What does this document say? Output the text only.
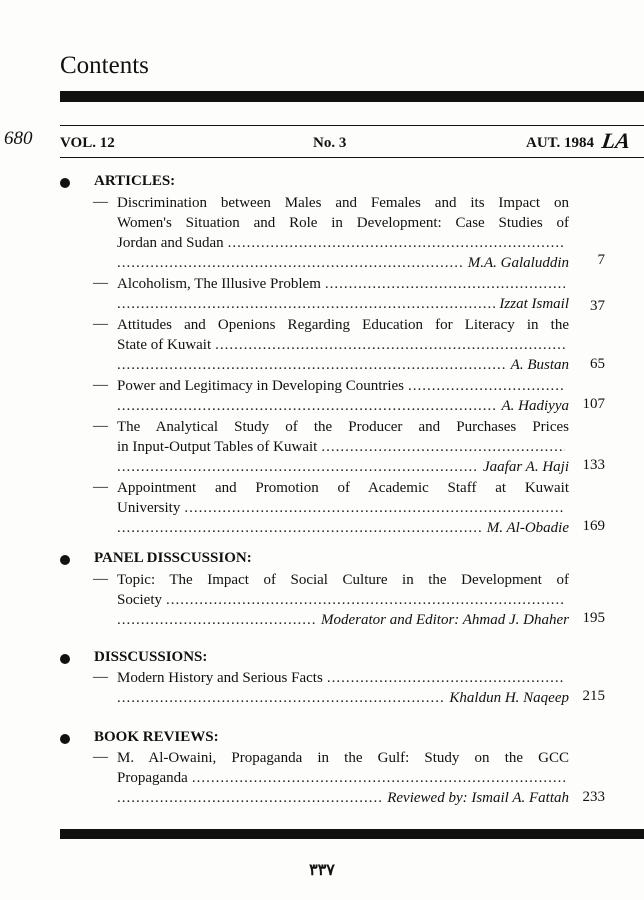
Contents
680 VOL. 12	No. 3	AUT. 1984 LA
ARTICLES:
— Discrimination between Males and Females and its Impact on
Women's Situation and Role in Development: Case Studies of
Jordan and Sudan
.....
.....
M.A. Galaluddin	7
— Alcoholism, The Illusive Problem
.....
.....
Izzat Ismail	37
— Attitudes and Openions Regarding Education for Literacy in the
State of Kuwait
.....
.....
A. Bustan	65
— Power and Legitimacy in Developing Countries
.....
.....
A. Hadiyya 107
— The Analytical Study of the Producer and Purchases Prices
in Input-Output Tables of Kuwait
.....
.....
Jaafar A. Haji 133
— Appointment and Promotion of Academic Staff at Kuwait
University
.....
.....
M. Al-Obadie 169
PANEL DISSCUSSION:
— Topic: The Impact of Social Culture in the Development of
Society
.....
.....
Moderator and Editor: Ahmad J. Dhaher 195
DISSCUSSIONS:
— Modern History and Serious Facts
.....
.....
Khaldun H. Naqeep 215
BOOK REVIEWS:
— M. Al-Owaini, Propaganda in the Gulf: Study on the GCC
Propaganda
.....
.....
Reviewed by: Ismail A. Fattah 233
٣٣٧
